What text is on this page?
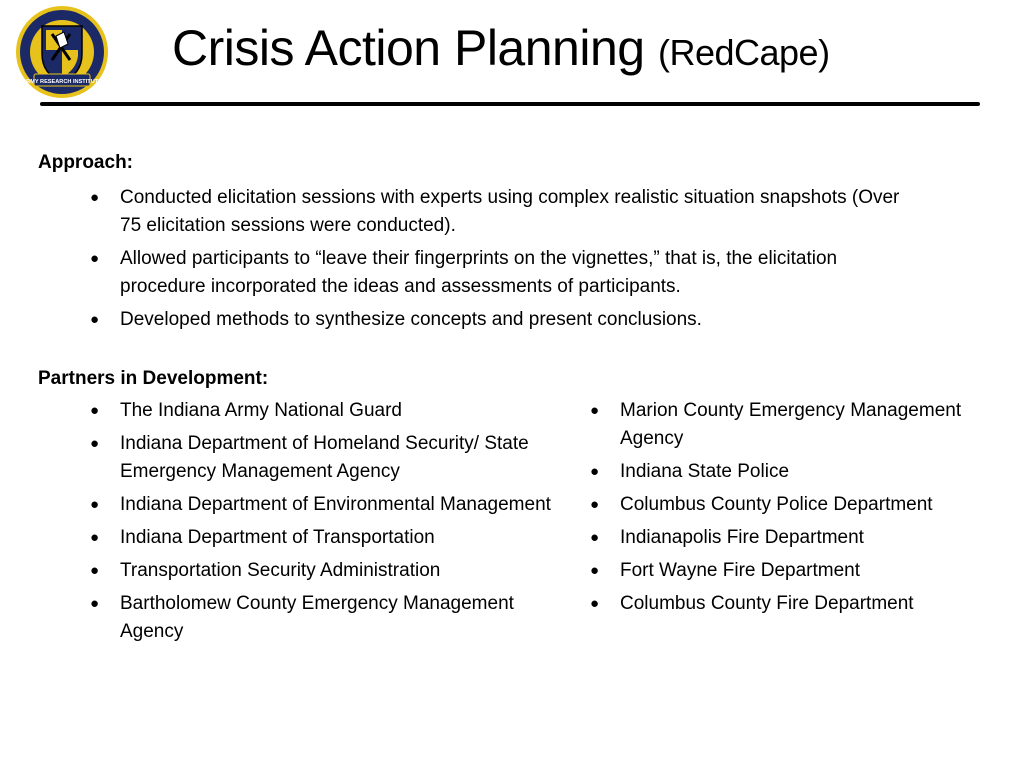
ARMY RESEARCH INSTITUTE
Crisis Action Planning (RedCape)
Approach:
● Conducted elicitation sessions with experts using complex realistic situation snapshots (Over 75 elicitation sessions were conducted).
● Allowed participants to “leave their fingerprints on the vignettes,” that is, the elicitation procedure incorporated the ideas and assessments of participants.
● Developed methods to synthesize concepts and present conclusions.
Partners in Development:
● The Indiana Army National Guard
● Indiana Department of Homeland Security/ State Emergency Management Agency
● Indiana Department of Environmental Management
● Indiana Department of Transportation
● Transportation Security Administration
● Bartholomew County Emergency Management Agency
● Marion County Emergency Management Agency
● Indiana State Police
● Columbus County Police Department
● Indianapolis Fire Department
● Fort Wayne Fire Department
● Columbus County Fire Department
